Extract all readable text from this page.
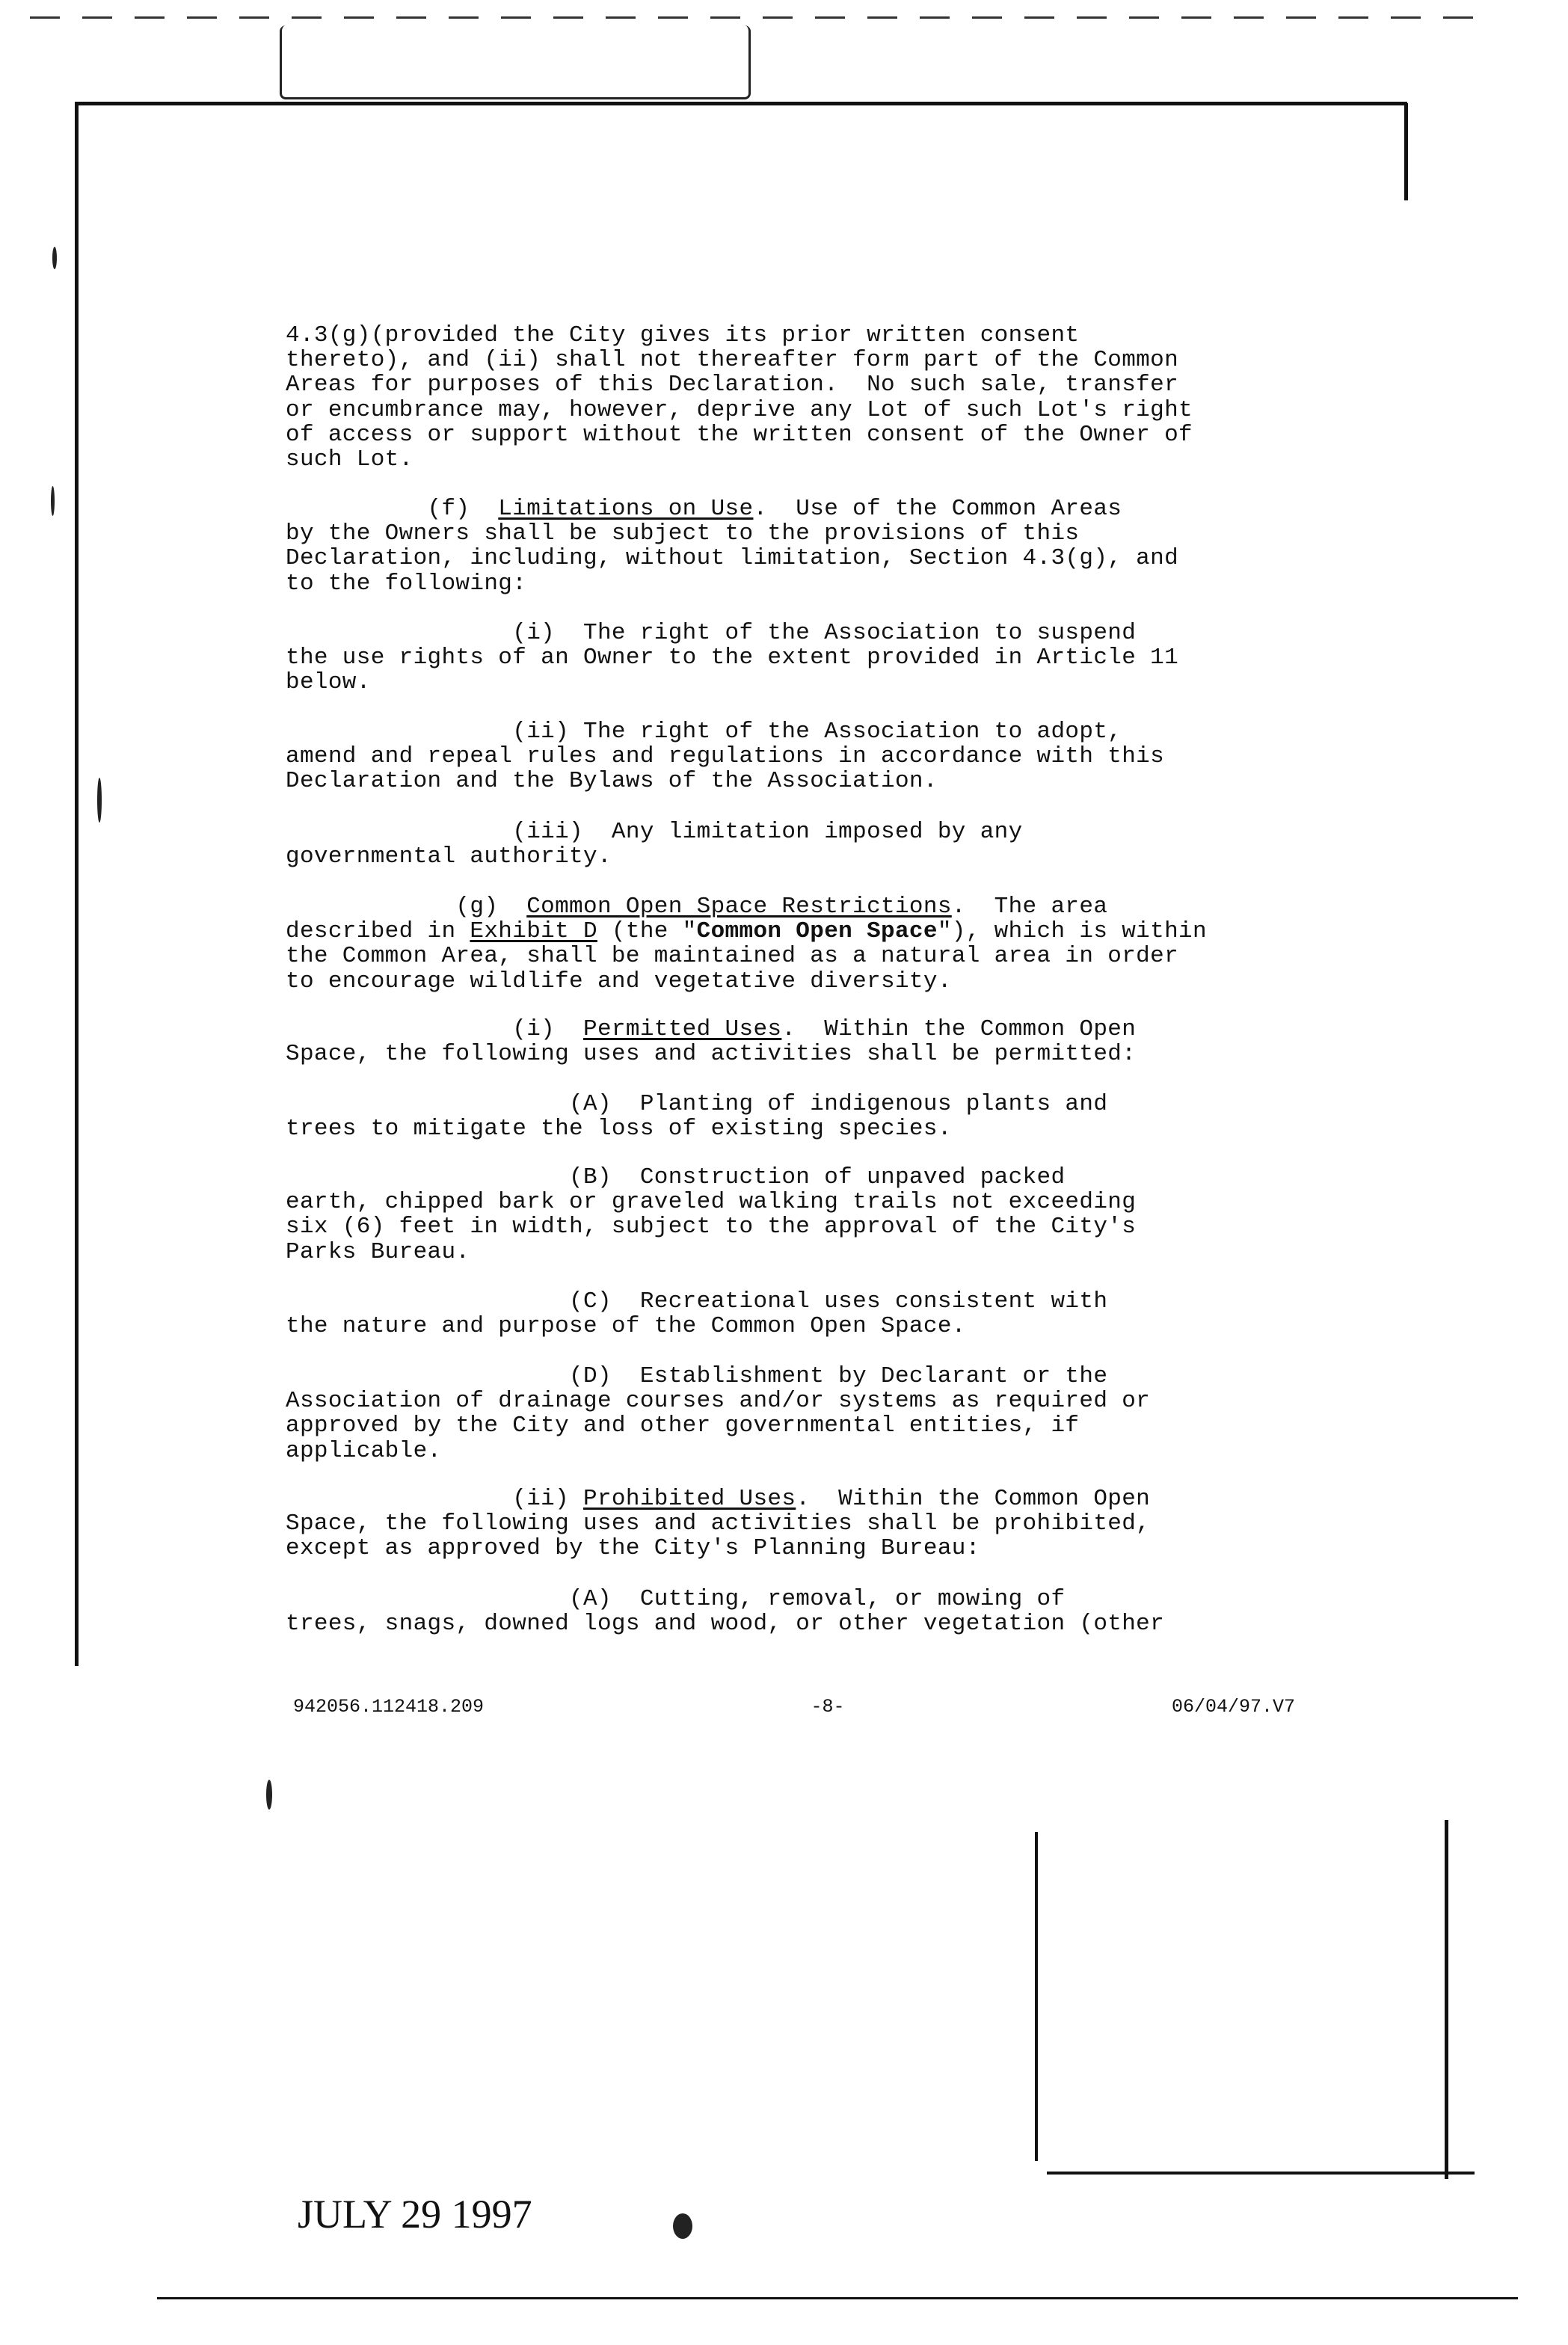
4.3(g)(provided the City gives its prior written consent
thereto), and (ii) shall not thereafter form part of the Common
Areas for purposes of this Declaration.  No such sale, transfer
or encumbrance may, however, deprive any Lot of such Lot's right
of access or support without the written consent of the Owner of
such Lot.

(f)  Limitations on Use.  Use of the Common Areas
by the Owners shall be subject to the provisions of this
Declaration, including, without limitation, Section 4.3(g), and
to the following:

(i)  The right of the Association to suspend
the use rights of an Owner to the extent provided in Article 11
below.

(ii) The right of the Association to adopt,
amend and repeal rules and regulations in accordance with this
Declaration and the Bylaws of the Association.

(iii)  Any limitation imposed by any
governmental authority.

(g)  Common Open Space Restrictions.  The area
described in Exhibit D (the "Common Open Space"), which is within
the Common Area, shall be maintained as a natural area in order
to encourage wildlife and vegetative diversity.

(i)  Permitted Uses.  Within the Common Open
Space, the following uses and activities shall be permitted:

(A)  Planting of indigenous plants and
trees to mitigate the loss of existing species.

(B)  Construction of unpaved packed
earth, chipped bark or graveled walking trails not exceeding
six (6) feet in width, subject to the approval of the City's
Parks Bureau.

(C)  Recreational uses consistent with
the nature and purpose of the Common Open Space.

(D)  Establishment by Declarant or the
Association of drainage courses and/or systems as required or
approved by the City and other governmental entities, if
applicable.

(ii) Prohibited Uses.  Within the Common Open
Space, the following uses and activities shall be prohibited,
except as approved by the City's Planning Bureau:

(A)  Cutting, removal, or mowing of
trees, snags, downed logs and wood, or other vegetation (other

942056.112418.209	-8-	06/04/97.V7
JULY 29 1997
